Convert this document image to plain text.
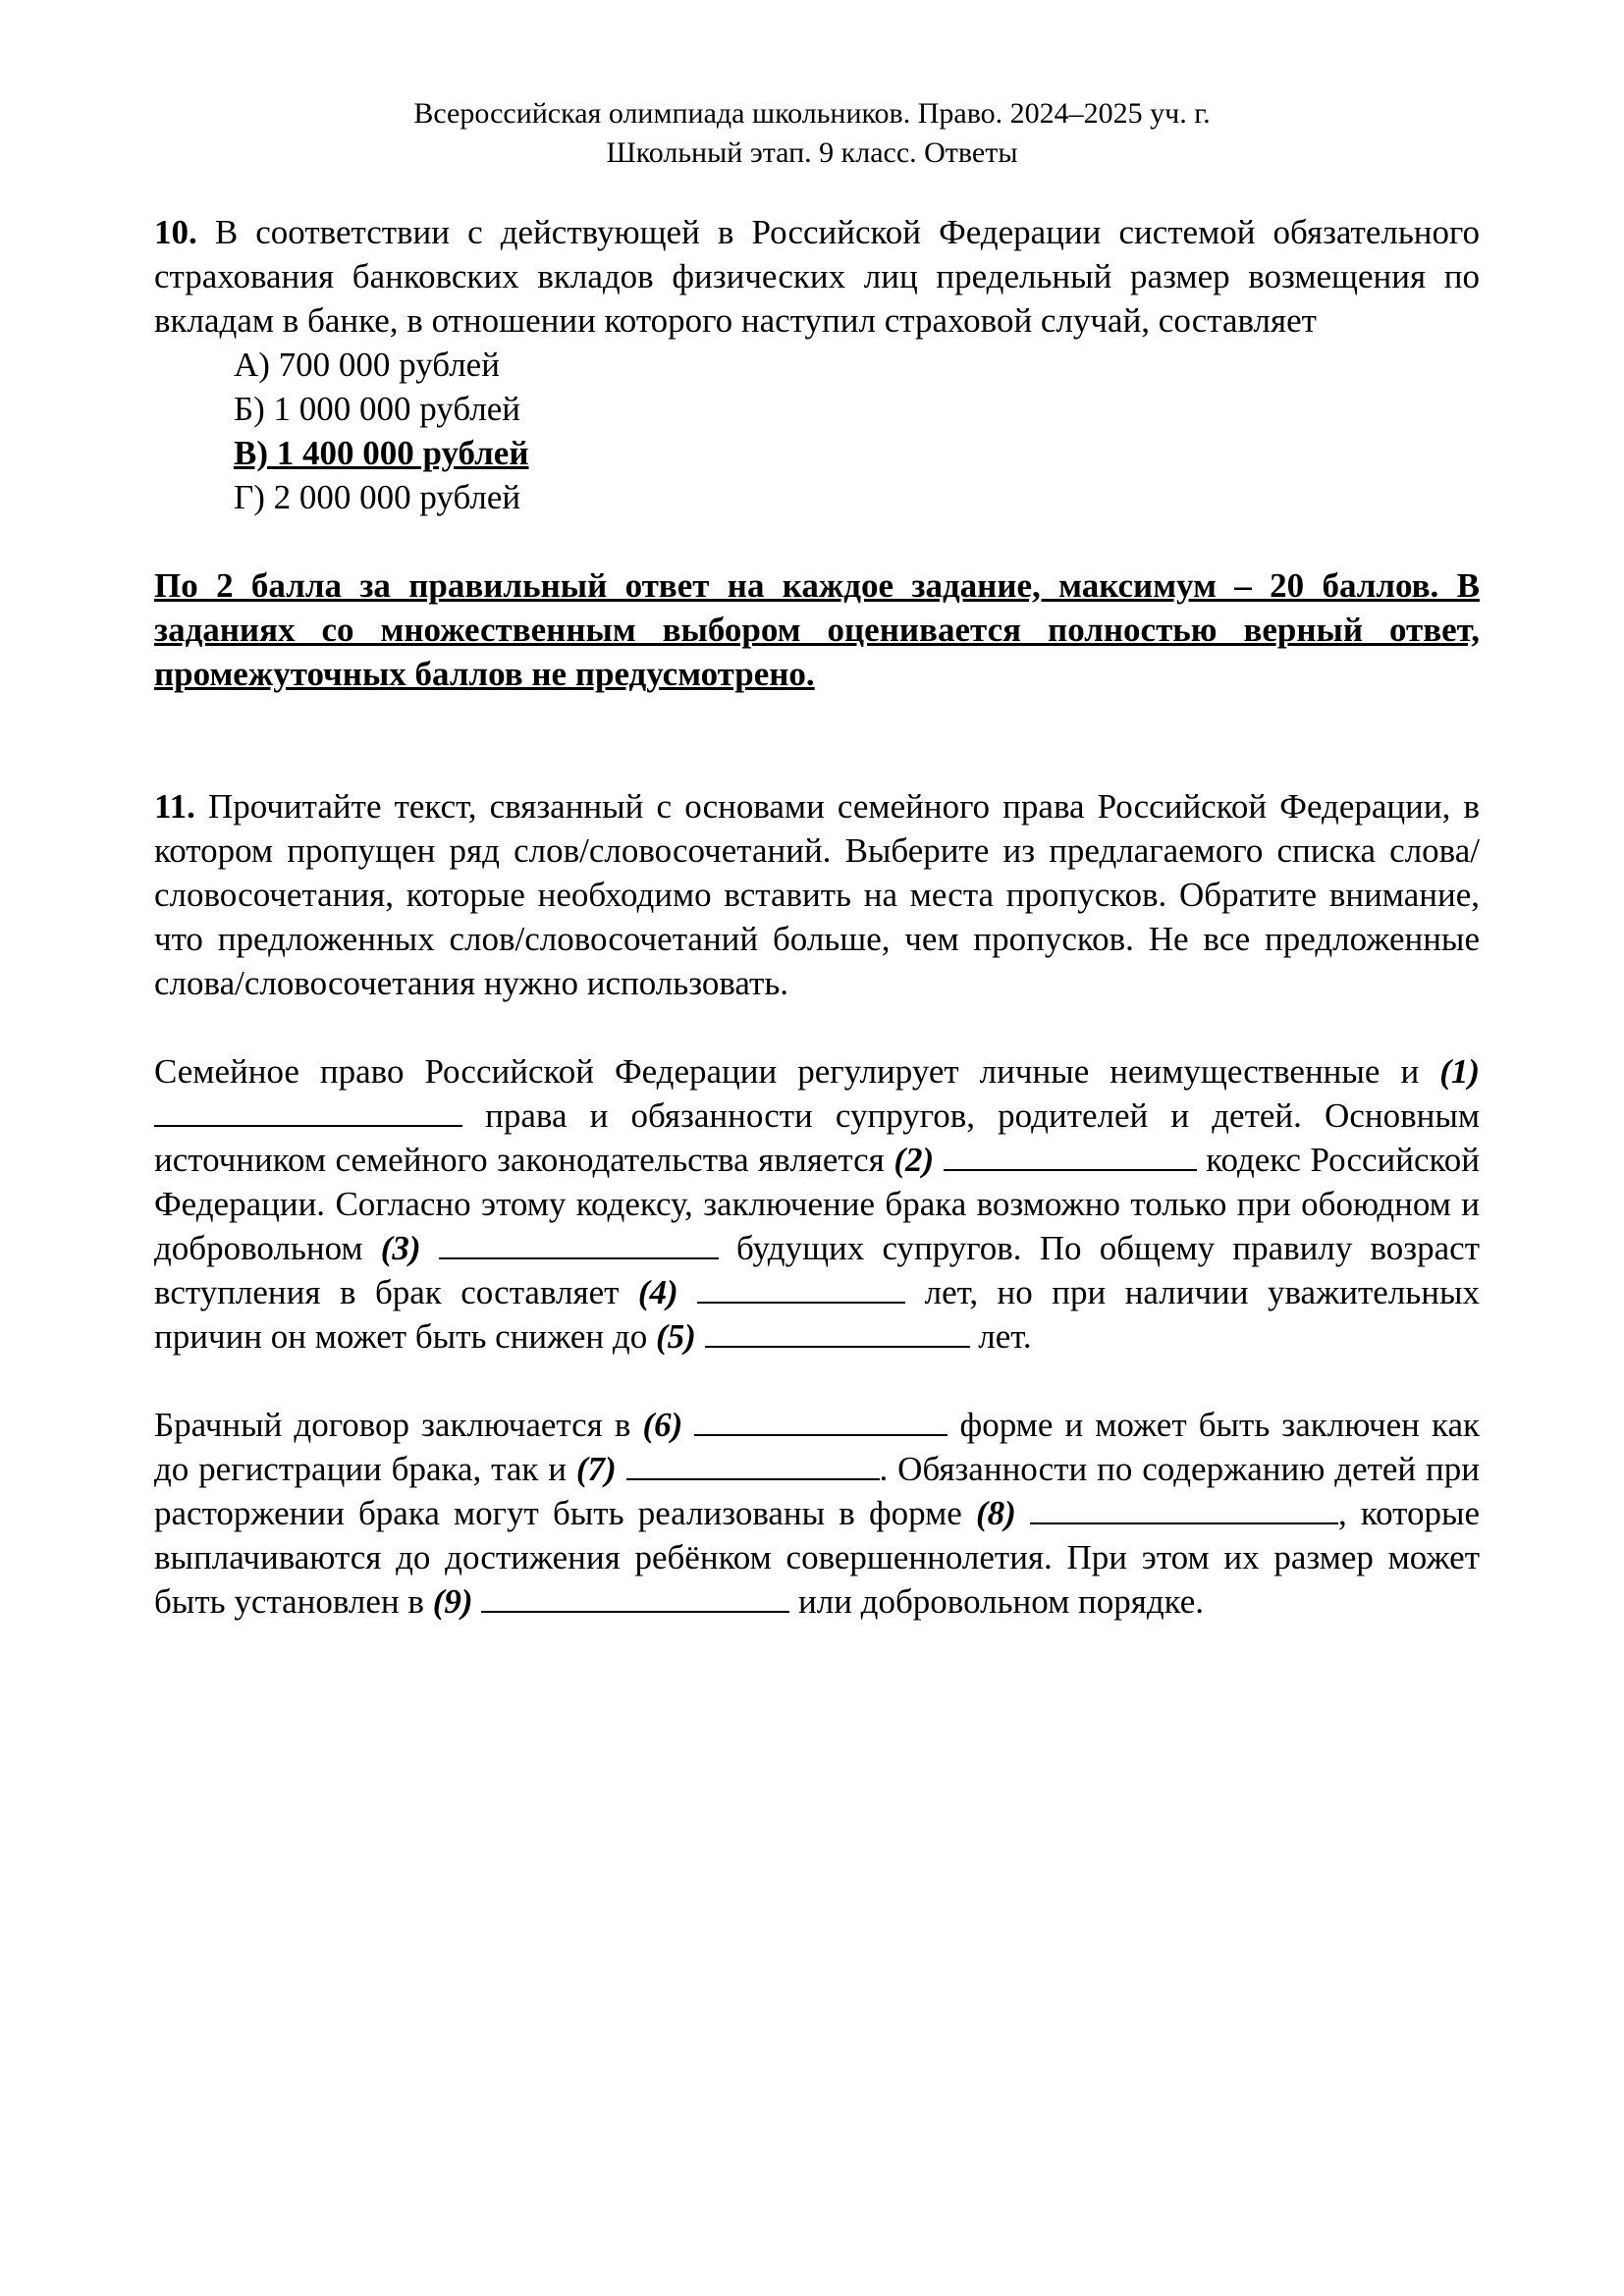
Всероссийская олимпиада школьников. Право. 2024–2025 уч. г.
Школьный этап. 9 класс. Ответы

10. В соответствии с действующей в Российской Федерации системой обязательного страхования банковских вкладов физических лиц предельный размер возмещения по вкладам в банке, в отношении которого наступил страховой случай, составляет

А) 700 000 рублей

Б) 1 000 000 рублей

В) 1 400 000 рублей

Г) 2 000 000 рублей

По 2 балла за правильный ответ на каждое задание, максимум – 20 баллов. В заданиях со множественным выбором оценивается полностью верный ответ, промежуточных баллов не предусмотрено.

11. Прочитайте текст, связанный с основами семейного права Российской Федерации, в котором пропущен ряд слов/словосочетаний. Выберите из предлагаемого списка слова/словосочетания, которые необходимо вставить на места пропусков. Обратите внимание, что предложенных слов/словосочетаний больше, чем пропусков. Не все предложенные слова/словосочетания нужно использовать.

Семейное право Российской Федерации регулирует личные неимущественные и (1)  права и обязанности супругов, родителей и детей. Основным источником семейного законодательства является (2)	кодекс Российской Федерации. Согласно этому кодексу, заключение брака возможно только при обоюдном и добровольном (3)	будущих супругов. По общему правилу возраст вступления в брак составляет (4)	лет, но при наличии уважительных причин он может быть снижен до (5)	лет.

Брачный договор заключается в (6)	форме и может быть заключен как до регистрации брака, так и (7)	. Обязанности по содержанию детей при расторжении брака могут быть реализованы в форме (8)	, которые выплачиваются до достижения ребёнком совершеннолетия. При этом их размер может быть установлен в (9)	или добровольном порядке.
